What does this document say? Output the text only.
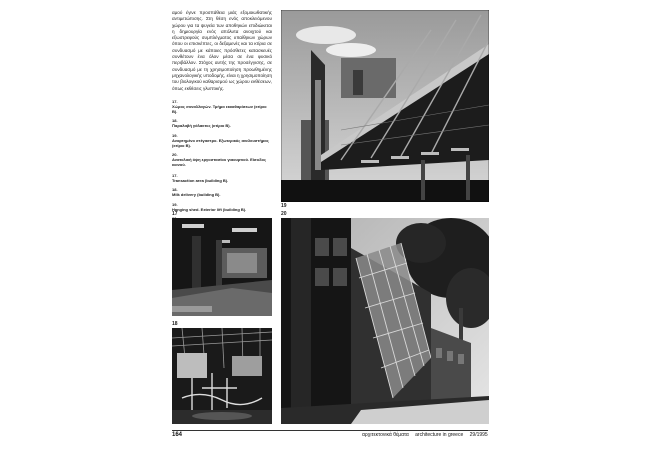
αμού έγινε προσπάθεια μιάς εξομοιωθατικής αντιμετώπισης. Στη θέση ενός αποκλειόμενου χώρου για τα ψυγεία των αποθηκών επιδιώκεται η δημιουργία ενός απόλυτα ανοιχτού και εξωστρεφούς συμπλέγματος υπαίθριων χώρων όπου οι επισκέπτες, οι δεξαμενές και τα κτίρια σε συνδυασμό με κάποιες πρόσθετες κατασκευές συνθέτουν ένα όλον μέσα σε ένα φυσικό περιβάλλον. Στόχος αυτής της προσέγγισης, σε συνδυασμό με τη χρησιμοποίηση προωθημένης μηχανολογικής υποδομής, είναι η χρησιμοποίηση του βιολογικού καθαρισμού ως χώρου εκθέσεων, όπως εκθέσεις γλυπτικής.

17.
Χώρος συναλλαγών. Τμήμα εκκαθαρίσεων (κτίριο Β).
18.
Παραλαβή γάλακτος (κτίριο Β).
19.
Αναρτημένο στέγαστρο. Εξωτερικός ανελκυστήρας (κτίριο Β).
20.
Ανατολική όψη εργοστασίου γιαουρτιού. Είσοδος κοινού.
17.
Transaction area (building B).
18.
Milk delivery (building B).
19.
Hanging shed. Exterior lift (building B).
19
17
18
20
164	αρχιτεκτονικά θέματα architecture in greece 29/1995
